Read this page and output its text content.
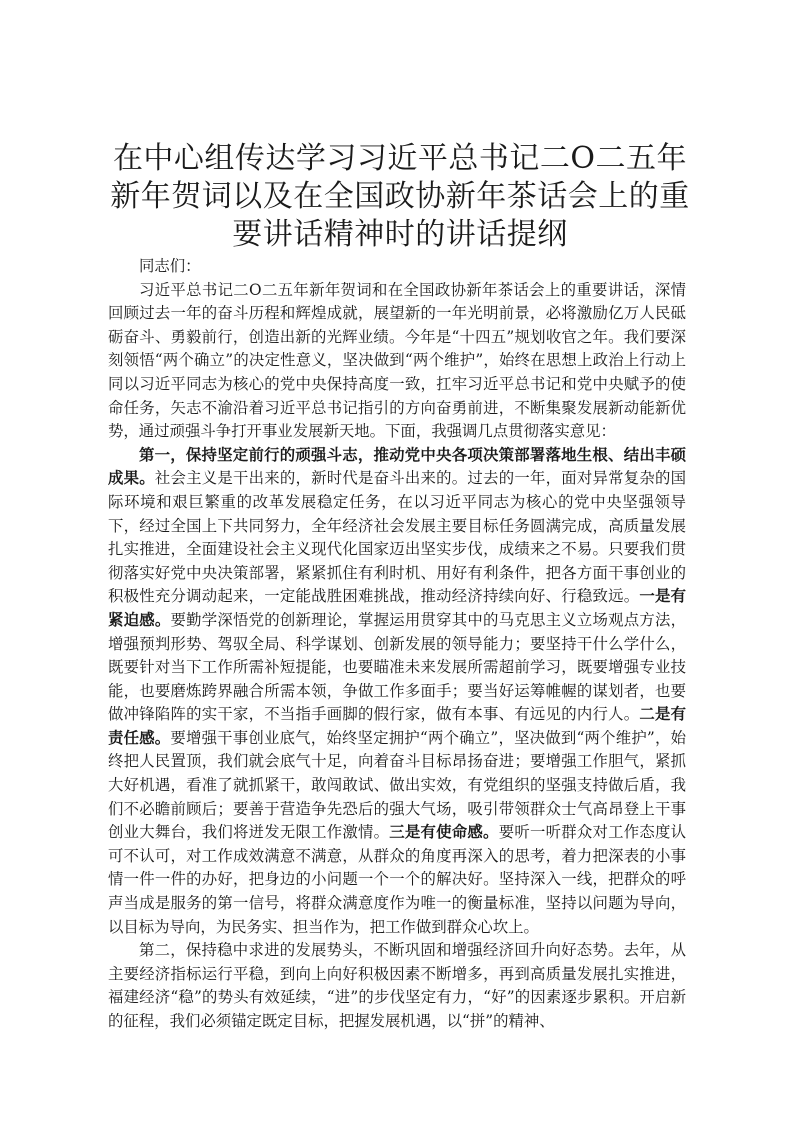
在中心组传达学习习近平总书记二O二五年新年贺词以及在全国政协新年茶话会上的重要讲话精神时的讲话提纲

同志们：

习近平总书记二O二五年新年贺词和在全国政协新年茶话会上的重要讲话，深情回顾过去一年的奋斗历程和辉煌成就，展望新的一年光明前景，必将激励亿万人民砥砺奋斗、勇毅前行，创造出新的光辉业绩。今年是“十四五”规划收官之年。我们要深刻领悟“两个确立”的决定性意义，坚决做到“两个维护”，始终在思想上政治上行动上同以习近平同志为核心的党中央保持高度一致，扛牢习近平总书记和党中央赋予的使命任务，矢志不渝沿着习近平总书记指引的方向奋勇前进，不断集聚发展新动能新优势，通过顽强斗争打开事业发展新天地。下面，我强调几点贯彻落实意见：

第一，保持坚定前行的顽强斗志，推动党中央各项决策部署落地生根、结出丰硕成果。社会主义是干出来的，新时代是奋斗出来的。过去的一年，面对异常复杂的国际环境和艰巨繁重的改革发展稳定任务，在以习近平同志为核心的党中央坚强领导下，经过全国上下共同努力，全年经济社会发展主要目标任务圆满完成，高质量发展扎实推进，全面建设社会主义现代化国家迈出坚实步伐，成绩来之不易。只要我们贯彻落实好党中央决策部署，紧紧抓住有利时机、用好有利条件，把各方面干事创业的积极性充分调动起来，一定能战胜困难挑战，推动经济持续向好、行稳致远。一是有紧迫感。要勤学深悟党的创新理论，掌握运用贯穿其中的马克思主义立场观点方法，增强预判形势、驾驭全局、科学谋划、创新发展的领导能力；要坚持干什么学什么，既要针对当下工作所需补短提能，也要瞄准未来发展所需超前学习，既要增强专业技能，也要磨炼跨界融合所需本领，争做工作多面手；要当好运筹帷幄的谋划者，也要做冲锋陷阵的实干家，不当指手画脚的假行家，做有本事、有远见的内行人。二是有责任感。要增强干事创业底气，始终坚定拥护“两个确立”，坚决做到“两个维护”，始终把人民置顶，我们就会底气十足，向着奋斗目标昂扬奋进；要增强工作胆气，紧抓大好机遇，看准了就抓紧干，敢闯敢试、做出实效，有党组织的坚强支持做后盾，我们不必瞻前顾后；要善于营造争先恐后的强大气场，吸引带领群众士气高昂登上干事创业大舞台，我们将迸发无限工作激情。三是有使命感。要听一听群众对工作态度认可不认可，对工作成效满意不满意，从群众的角度再深入的思考，着力把深表的小事情一件一件的办好，把身边的小问题一个一个的解决好。坚持深入一线，把群众的呼声当成是服务的第一信号，将群众满意度作为唯一的衡量标准，坚持以问题为导向，以目标为导向，为民务实、担当作为，把工作做到群众心坎上。

第二，保持稳中求进的发展势头，不断巩固和增强经济回升向好态势。去年，从主要经济指标运行平稳，到向上向好积极因素不断增多，再到高质量发展扎实推进，福建经济“稳”的势头有效延续，“进”的步伐坚定有力，“好”的因素逐步累积。开启新的征程，我们必须锚定既定目标，把握发展机遇，以“拼”的精神、
